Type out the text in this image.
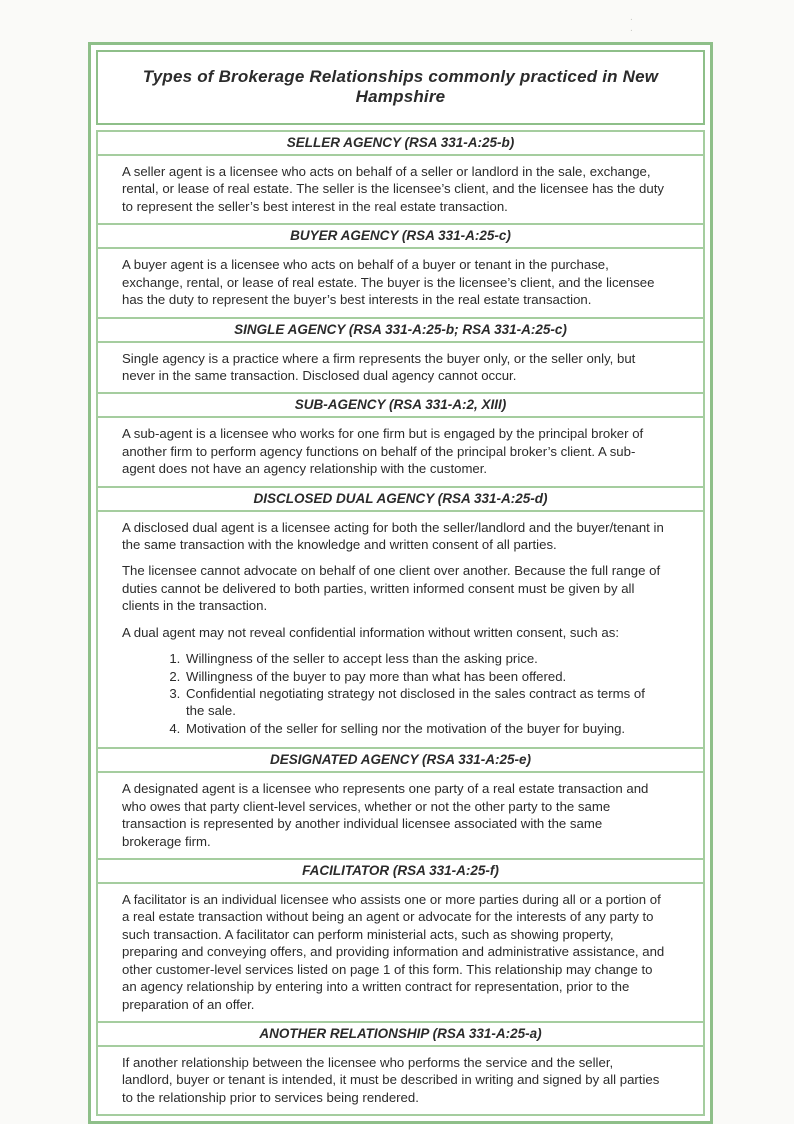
. .
Types of Brokerage Relationships commonly practiced in New Hampshire
SELLER AGENCY (RSA 331-A:25-b)

A seller agent is a licensee who acts on behalf of a seller or landlord in the sale, exchange, rental, or lease of real estate. The seller is the licensee’s client, and the licensee has the duty to represent the seller’s best interest in the real estate transaction.

BUYER AGENCY (RSA 331-A:25-c)

A buyer agent is a licensee who acts on behalf of a buyer or tenant in the purchase, exchange, rental, or lease of real estate. The buyer is the licensee’s client, and the licensee has the duty to represent the buyer’s best interests in the real estate transaction.

SINGLE AGENCY (RSA 331-A:25-b; RSA 331-A:25-c)

Single agency is a practice where a firm represents the buyer only, or the seller only, but never in the same transaction. Disclosed dual agency cannot occur.

SUB-AGENCY (RSA 331-A:2, XIII)

A sub-agent is a licensee who works for one firm but is engaged by the principal broker of another firm to perform agency functions on behalf of the principal broker’s client. A sub-agent does not have an agency relationship with the customer.

DISCLOSED DUAL AGENCY (RSA 331-A:25-d)

A disclosed dual agent is a licensee acting for both the seller/landlord and the buyer/tenant in the same transaction with the knowledge and written consent of all parties.

The licensee cannot advocate on behalf of one client over another. Because the full range of duties cannot be delivered to both parties, written informed consent must be given by all clients in the transaction.

A dual agent may not reveal confidential information without written consent, such as:

1. Willingness of the seller to accept less than the asking price.
2. Willingness of the buyer to pay more than what has been offered.
3. Confidential negotiating strategy not disclosed in the sales contract as terms of the sale.
4. Motivation of the seller for selling nor the motivation of the buyer for buying.
DESIGNATED AGENCY (RSA 331-A:25-e)

A designated agent is a licensee who represents one party of a real estate transaction and who owes that party client-level services, whether or not the other party to the same transaction is represented by another individual licensee associated with the same brokerage firm.

FACILITATOR (RSA 331-A:25-f)

A facilitator is an individual licensee who assists one or more parties during all or a portion of a real estate transaction without being an agent or advocate for the interests of any party to such transaction. A facilitator can perform ministerial acts, such as showing property, preparing and conveying offers, and providing information and administrative assistance, and other customer-level services listed on page 1 of this form. This relationship may change to an agency relationship by entering into a written contract for representation, prior to the preparation of an offer.

ANOTHER RELATIONSHIP (RSA 331-A:25-a)

If another relationship between the licensee who performs the service and the seller, landlord, buyer or tenant is intended, it must be described in writing and signed by all parties to the relationship prior to services being rendered.
